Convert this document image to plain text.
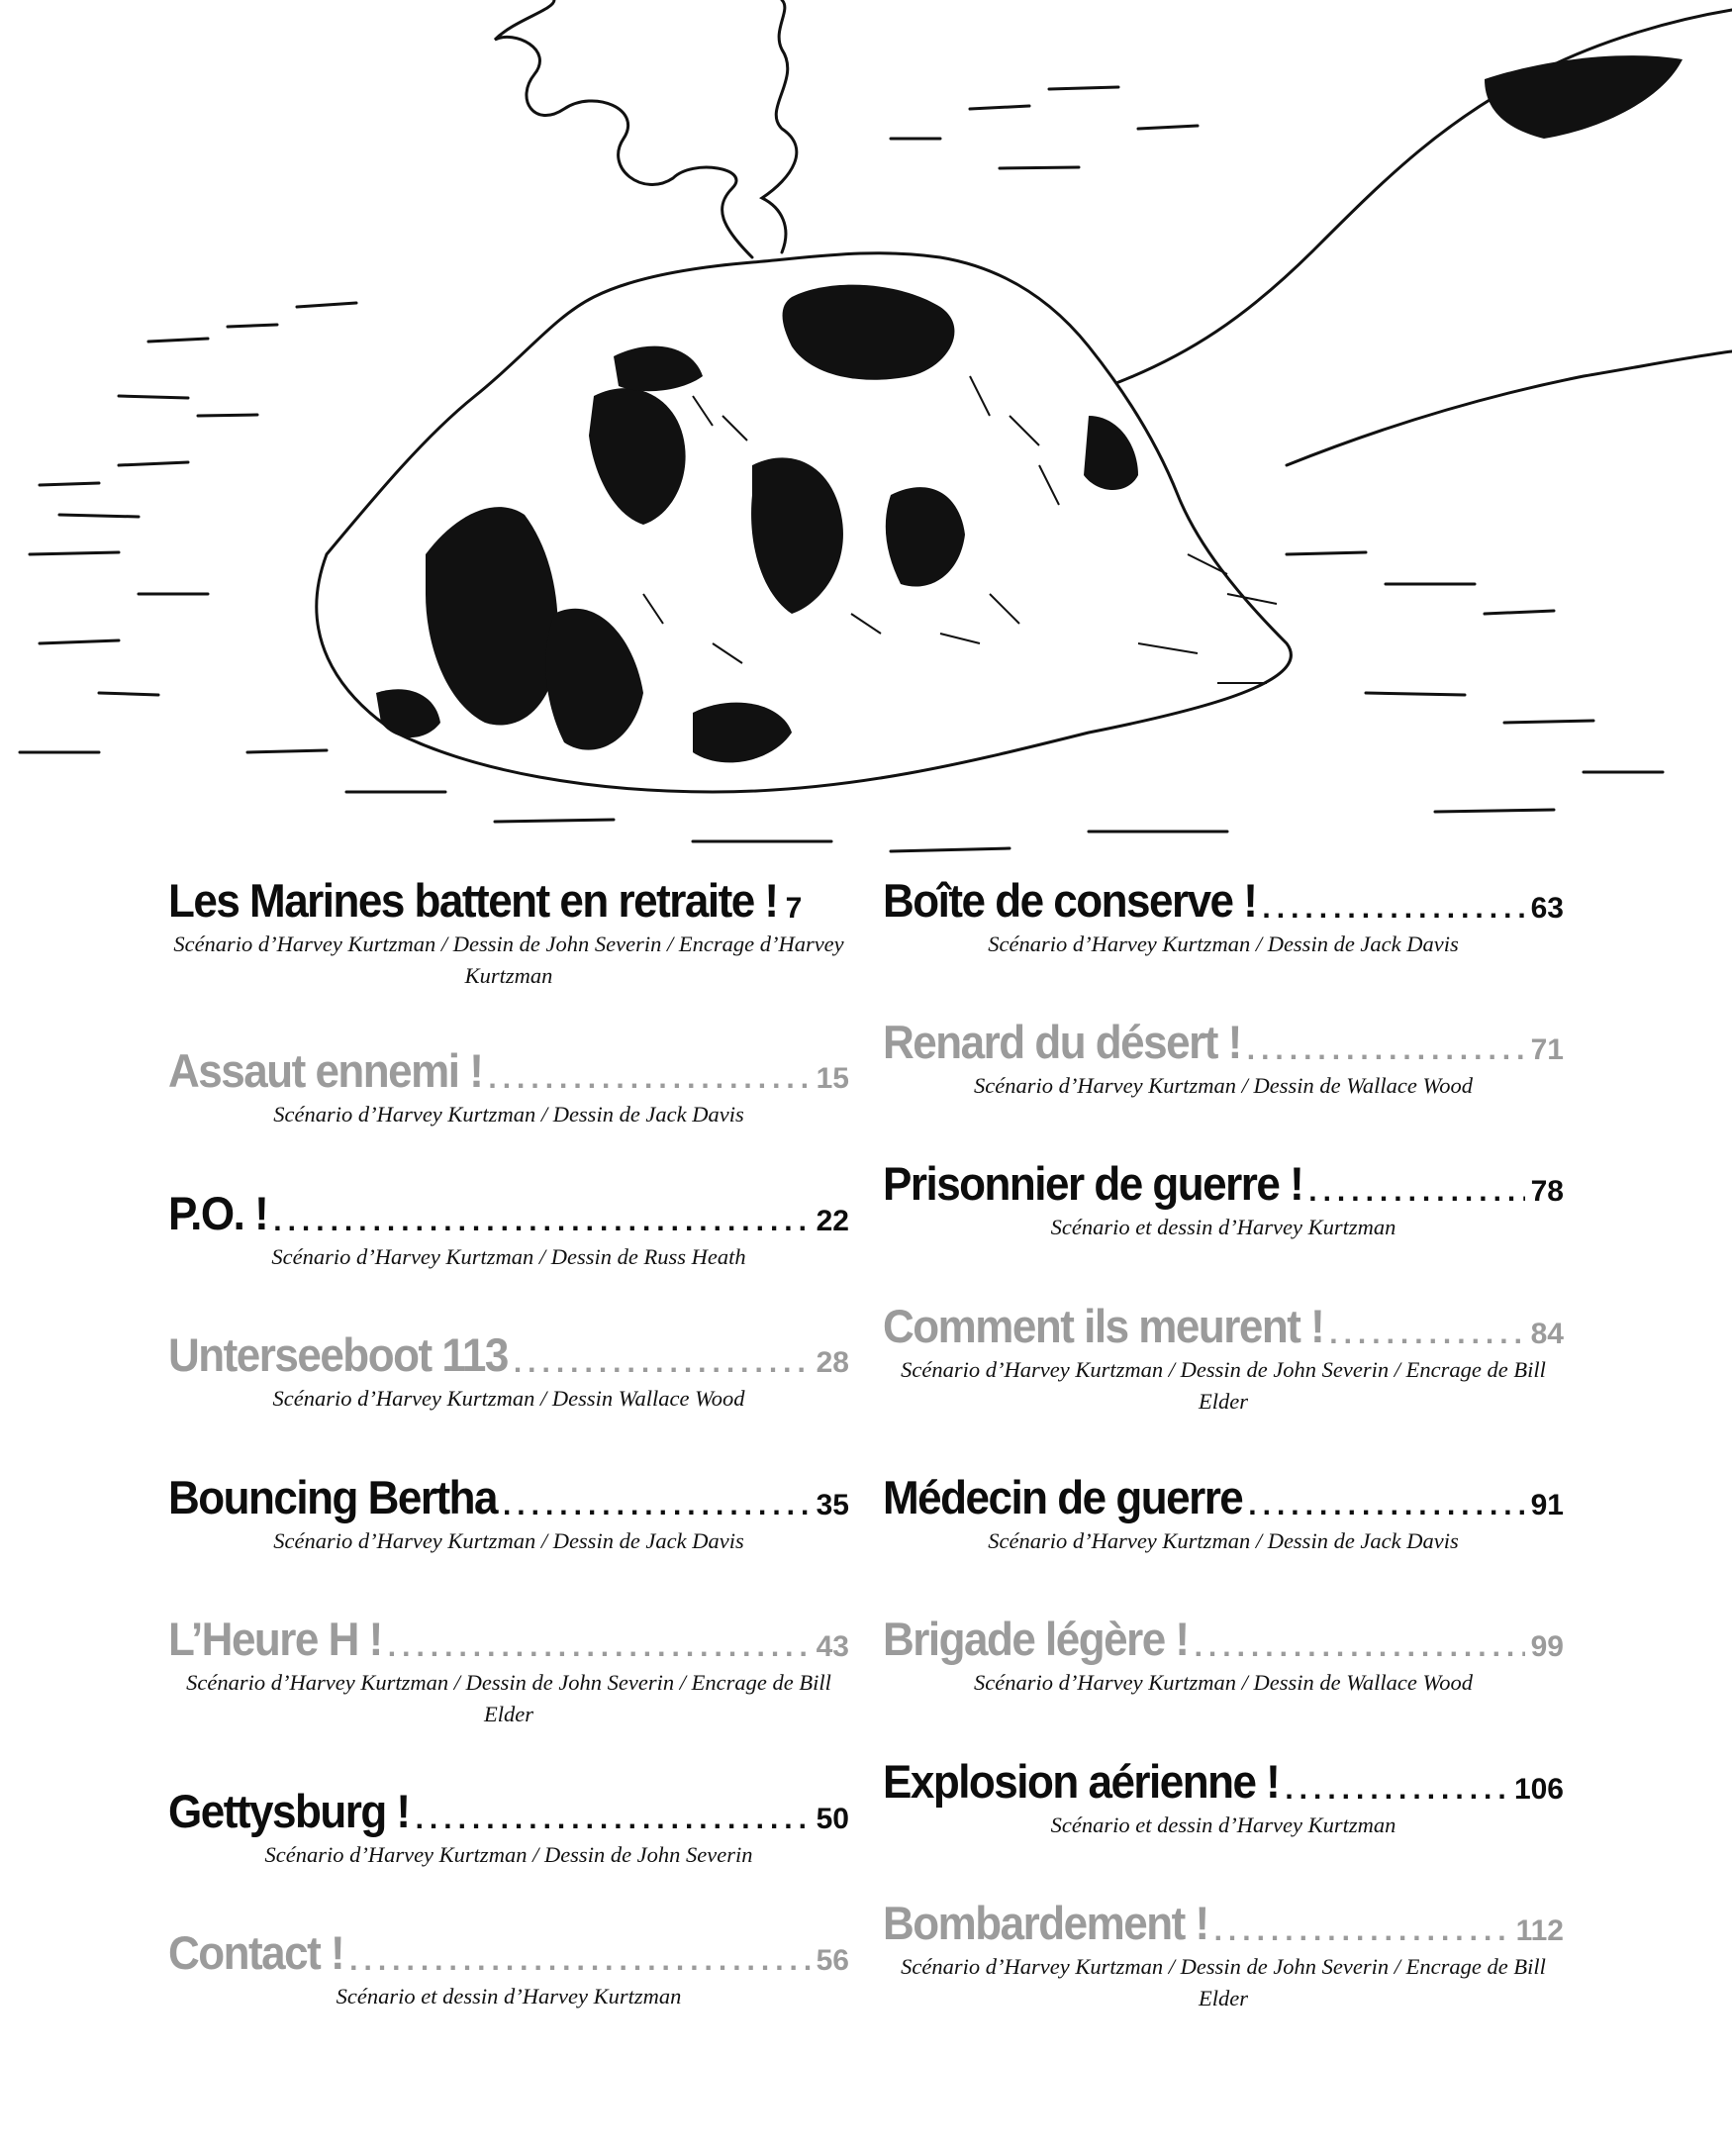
Les Marines battent en retraite ! 7
Scénario d’Harvey Kurtzman / Dessin de John Severin / Encrage d’Harvey Kurtzman
Assaut ennemi ! .....	15
Scénario d’Harvey Kurtzman / Dessin de Jack Davis
P.O. ! .....	22
Scénario d’Harvey Kurtzman / Dessin de Russ Heath
Unterseeboot 113 .....	28
Scénario d’Harvey Kurtzman / Dessin Wallace Wood
Bouncing Bertha .....	35
Scénario d’Harvey Kurtzman / Dessin de Jack Davis
L’Heure H ! .....	43
Scénario d’Harvey Kurtzman / Dessin de John Severin / Encrage de Bill Elder
Gettysburg ! .....	50
Scénario d’Harvey Kurtzman / Dessin de John Severin
Contact ! .....	56
Scénario et dessin d’Harvey Kurtzman
Boîte de conserve ! .....	63
Scénario d’Harvey Kurtzman / Dessin de Jack Davis
Renard du désert ! .....	71
Scénario d’Harvey Kurtzman / Dessin de Wallace Wood
Prisonnier de guerre ! .....	78
Scénario et dessin d’Harvey Kurtzman
Comment ils meurent ! .....	84
Scénario d’Harvey Kurtzman / Dessin de John Severin / Encrage de Bill Elder
Médecin de guerre .....	91
Scénario d’Harvey Kurtzman / Dessin de Jack Davis
Brigade légère ! .....	99
Scénario d’Harvey Kurtzman / Dessin de Wallace Wood
Explosion aérienne ! .....	106
Scénario et dessin d’Harvey Kurtzman
Bombardement ! .....	112
Scénario d’Harvey Kurtzman / Dessin de John Severin / Encrage de Bill Elder
